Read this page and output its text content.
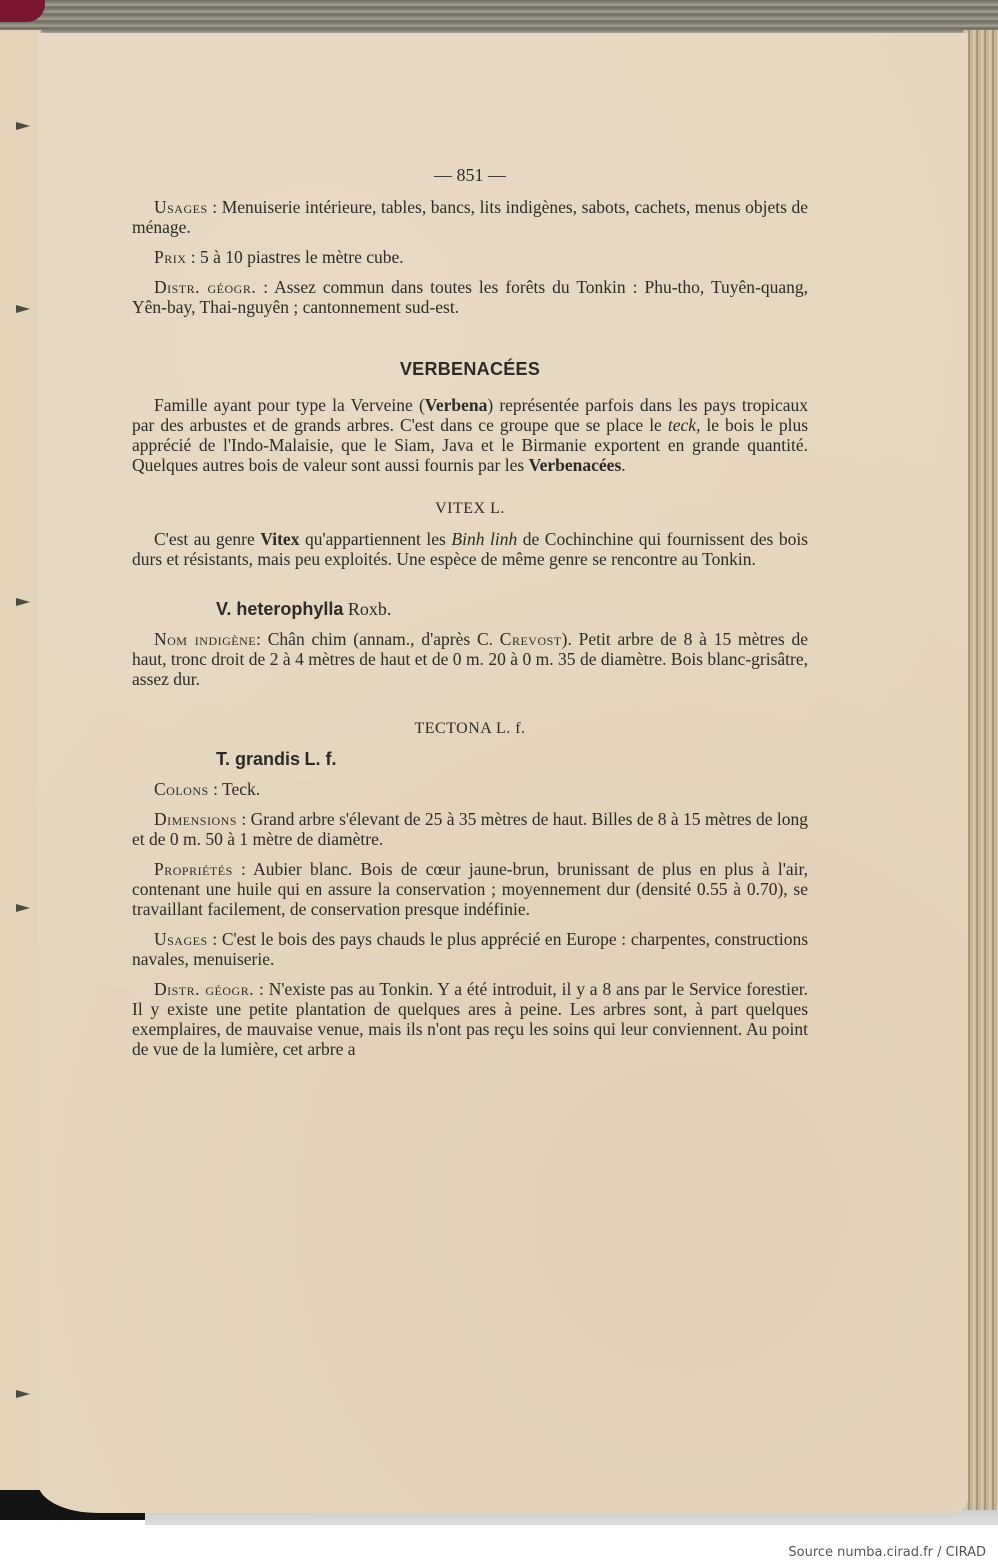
— 851 —

Usages : Menuiserie intérieure, tables, bancs, lits indigènes, sabots, cachets, menus objets de ménage.

Prix : 5 à 10 piastres le mètre cube.

Distr. géogr. : Assez commun dans toutes les forêts du Tonkin : Phu-tho, Tuyên-quang, Yên-bay, Thai-nguyên ; cantonnement sud-est.

VERBENACÉES

Famille ayant pour type la Verveine (Verbena) représentée parfois dans les pays tropicaux par des arbustes et de grands arbres. C'est dans ce groupe que se place le teck, le bois le plus apprécié de l'Indo-Malaisie, que le Siam, Java et le Birmanie exportent en grande quantité. Quelques autres bois de valeur sont aussi fournis par les Verbenacées.

VITEX L.

C'est au genre Vitex qu'appartiennent les Binh linh de Cochinchine qui fournissent des bois durs et résistants, mais peu exploités. Une espèce de même genre se rencontre au Tonkin.

V. heterophylla Roxb.

Nom indigène: Chân chim (annam., d'après C. Crevost). Petit arbre de 8 à 15 mètres de haut, tronc droit de 2 à 4 mètres de haut et de 0 m. 20 à 0 m. 35 de diamètre. Bois blanc-grisâtre, assez dur.

TECTONA L. f.
T. grandis L. f.

Colons : Teck.

Dimensions : Grand arbre s'élevant de 25 à 35 mètres de haut. Billes de 8 à 15 mètres de long et de 0 m. 50 à 1 mètre de diamètre.

Propriétés : Aubier blanc. Bois de cœur jaune-brun, brunissant de plus en plus à l'air, contenant une huile qui en assure la conservation ; moyennement dur (densité 0.55 à 0.70), se travaillant facilement, de conservation presque indéfinie.

Usages : C'est le bois des pays chauds le plus apprécié en Europe : charpentes, constructions navales, menuiserie.

Distr. géogr. : N'existe pas au Tonkin. Y a été introduit, il y a 8 ans par le Service forestier. Il y existe une petite plantation de quelques ares à peine. Les arbres sont, à part quelques exemplaires, de mauvaise venue, mais ils n'ont pas reçu les soins qui leur conviennent. Au point de vue de la lumière, cet arbre a

Source numba.cirad.fr / CIRAD
